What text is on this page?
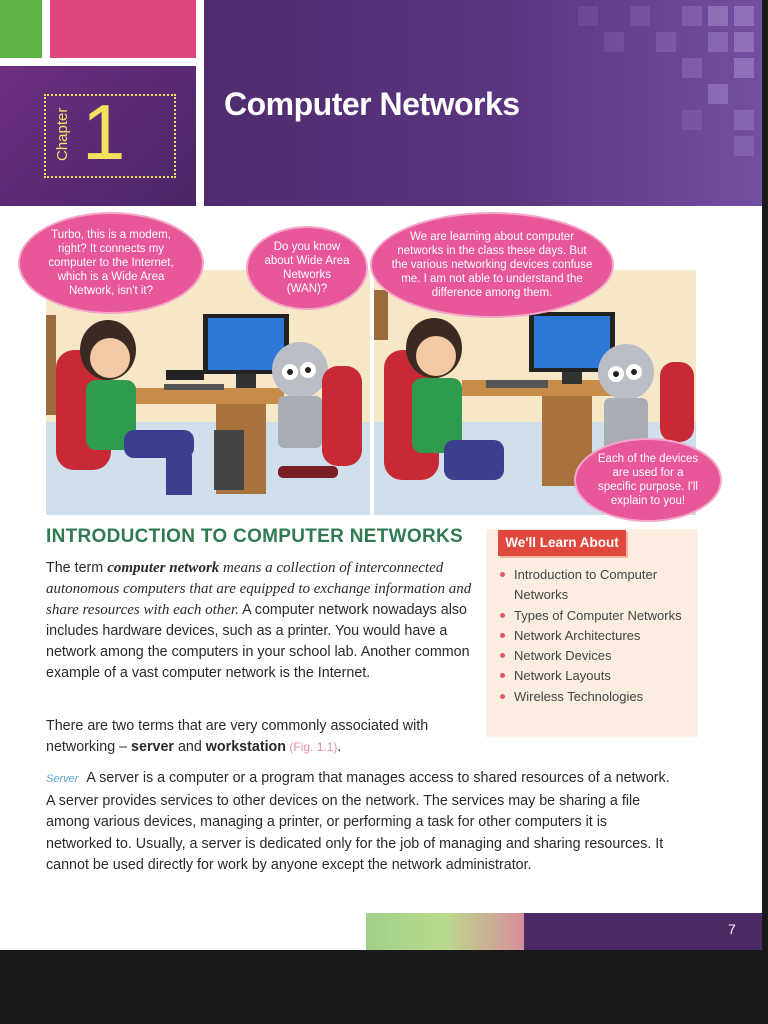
Chapter 1	Computer Networks
Turbo, this is a modem, right? It connects my computer to the Internet, which is a Wide Area Network, isn't it?
Do you know about Wide Area Networks (WAN)?
We are learning about computer networks in the class these days. But the various networking devices confuse me. I am not able to understand the difference among them.
Each of the devices are used for a specific purpose. I'll explain to you!
INTRODUCTION TO COMPUTER NETWORKS
The term computer network means a collection of interconnected autonomous computers that are equipped to exchange information and share resources with each other. A computer network nowadays also includes hardware devices, such as a printer. You would have a network among the computers in your school lab. Another common example of a vast computer network is the Internet.
There are two terms that are very commonly associated with networking – server and workstation (Fig. 1.1).
Server A server is a computer or a program that manages access to shared resources of a network. A server provides services to other devices on the network. The services may be sharing a file among various devices, managing a printer, or performing a task for other computers it is networked to. Usually, a server is dedicated only for the job of managing and sharing resources. It cannot be used directly for work by anyone except the network administrator.
We'll Learn About
Introduction to Computer Networks
Types of Computer Networks
Network Architectures
Network Devices
Network Layouts
Wireless Technologies
7
